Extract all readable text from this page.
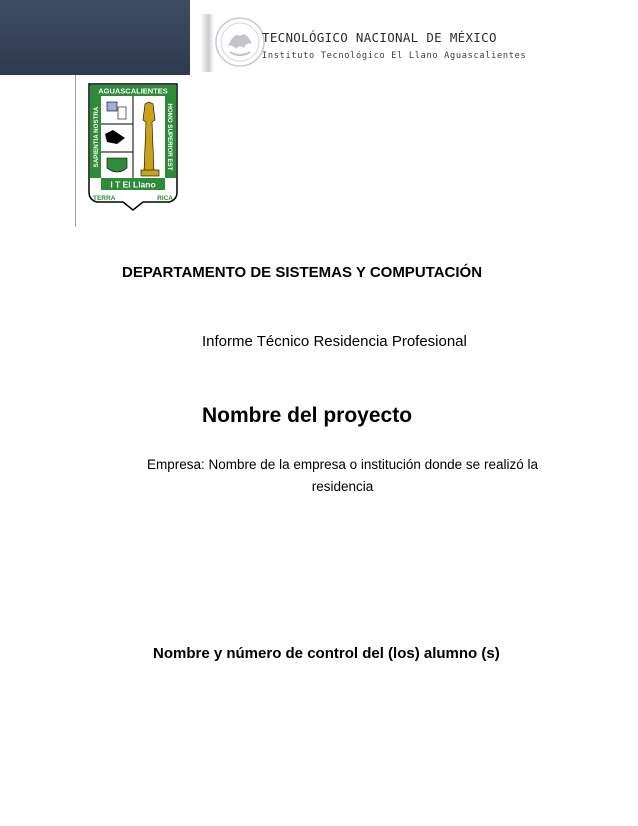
TECNOLÓGICO NACIONAL DE MÉXICO
Instituto Tecnológico El Llano Aguascalientes
AGUASCALIENTES
SAPIENTIA NOSTRA	HOMO SUPERIOR EST
I T El Llano
TERRA	RICA
DEPARTAMENTO DE SISTEMAS Y COMPUTACIÓN
Informe Técnico Residencia Profesional
Nombre del proyecto
Empresa: Nombre de la empresa o institución donde se realizó la residencia
Nombre y número de control del (los) alumno (s)
